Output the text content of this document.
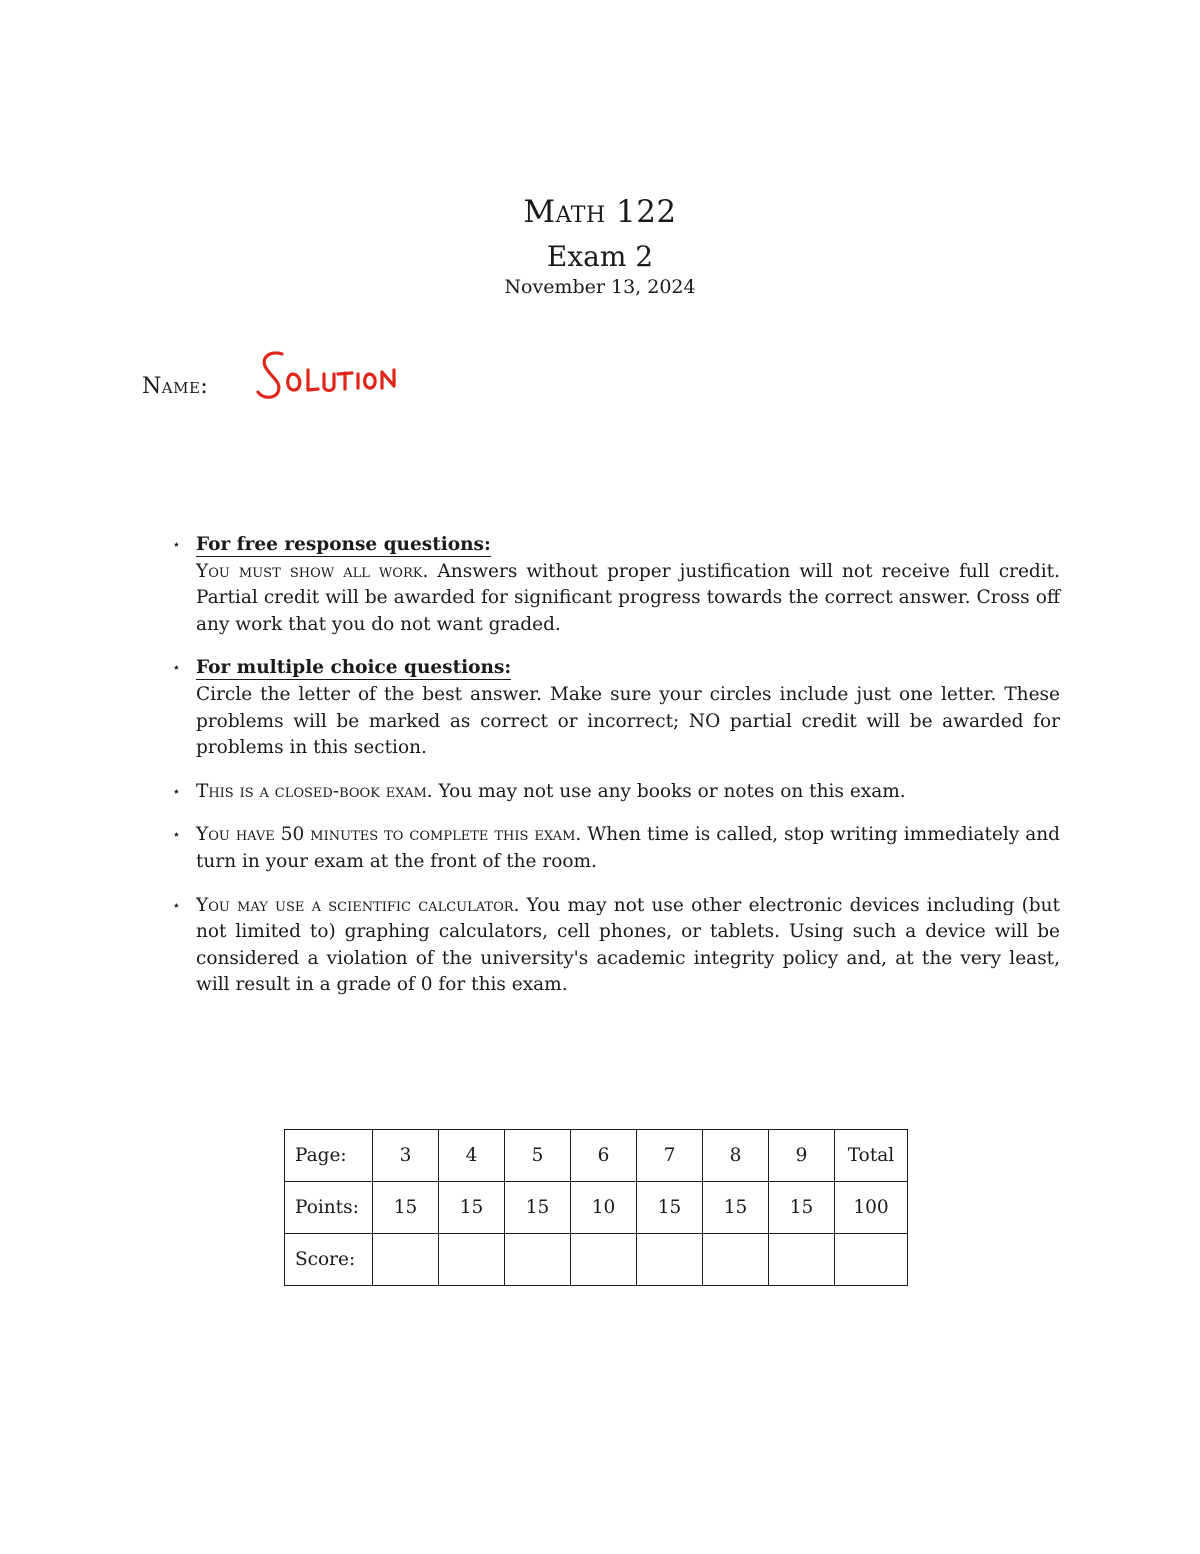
Math 122
Exam 2
November 13, 2024
Name:
⋆ For free response questions:
You must show all work. Answers without proper justification will not receive full credit. Partial credit will be awarded for significant progress towards the correct answer. Cross off any work that you do not want graded.
⋆ For multiple choice questions:
Circle the letter of the best answer. Make sure your circles include just one letter. These problems will be marked as correct or incorrect; NO partial credit will be awarded for problems in this section.
⋆ This is a closed-book exam. You may not use any books or notes on this exam.
⋆ You have 50 minutes to complete this exam. When time is called, stop writing immediately and turn in your exam at the front of the room.
⋆ You may use a scientific calculator. You may not use other electronic devices including (but not limited to) graphing calculators, cell phones, or tablets. Using such a device will be considered a violation of the university's academic integrity policy and, at the very least, will result in a grade of 0 for this exam.
Page:	3	4	5	6	7	8	9	Total
Points:	15	15	15	10	15	15	15	100
Score:								
